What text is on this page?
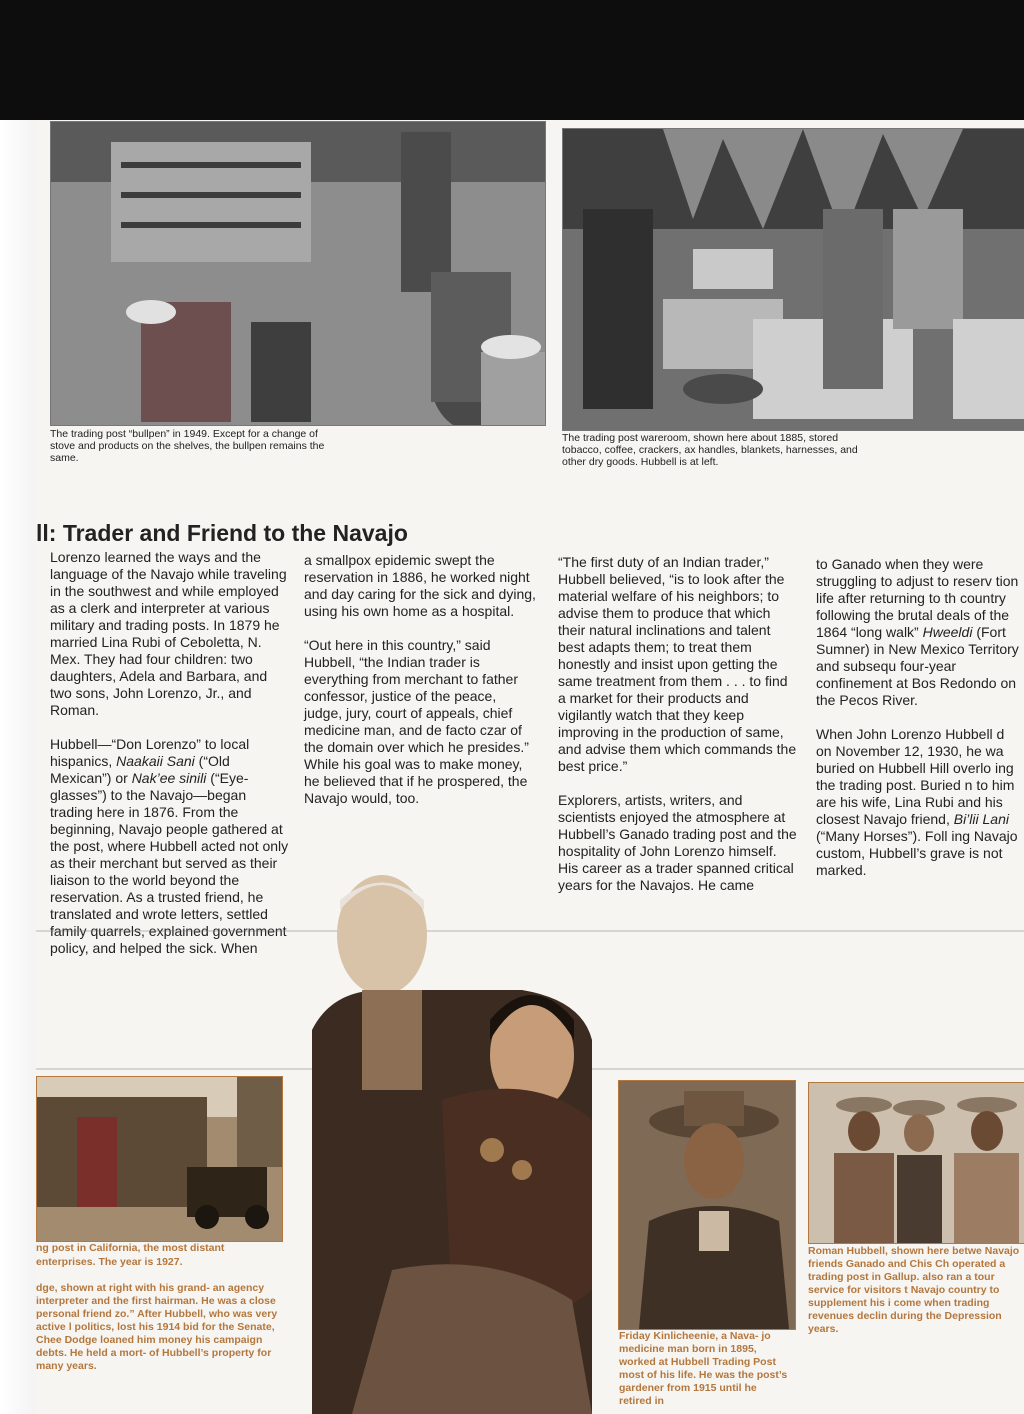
The trading post “bullpen” in 1949. Except for a change of stove and products on the shelves, the bullpen remains the same.
The trading post wareroom, shown here about 1885, stored tobacco, coffee, crackers, ax handles, blankets, harnesses, and other dry goods. Hubbell is at left.
ll: Trader and Friend to the Navajo

Lorenzo learned the ways and the language of the Navajo while traveling in the southwest and while employed as a clerk and interpreter at various military and trading posts. In 1879 he married Lina Rubi of Ceboletta, N. Mex. They had four children: two daughters, Adela and Barbara, and two sons, John Lorenzo, Jr., and Roman.

Hubbell—“Don Lorenzo” to local hispanics, Naakaii Sani (“Old Mexican”) or Nak’ee sinili (“Eye-glasses”) to the Navajo—began trading here in 1876. From the beginning, Navajo people gathered at the post, where Hubbell acted not only as their merchant but served as their liaison to the world beyond the reservation. As a trusted friend, he translated and wrote letters, settled family quarrels, explained government policy, and helped the sick. When

a smallpox epidemic swept the reservation in 1886, he worked night and day caring for the sick and dying, using his own home as a hospital.

“Out here in this country,” said Hubbell, “the Indian trader is everything from merchant to father confessor, justice of the peace, judge, jury, court of appeals, chief medicine man, and de facto czar of the domain over which he presides.” While his goal was to make money, he believed that if he prospered, the Navajo would, too.

“The first duty of an Indian trader,” Hubbell believed, “is to look after the material welfare of his neighbors; to advise them to produce that which their natural inclinations and talent best adapts them; to treat them honestly and insist upon getting the same treatment from them . . . to find a market for their products and vigilantly watch that they keep improving in the production of same, and advise them which commands the best price.”

Explorers, artists, writers, and scientists enjoyed the atmosphere at Hubbell’s Ganado trading post and the hospitality of John Lorenzo himself. His career as a trader spanned critical years for the Navajos. He came

to Ganado when they were struggling to adjust to reserv tion life after returning to th country following the brutal deals of the 1864 “long walk” Hweeldi (Fort Sumner) in New Mexico Territory and subsequ four-year confinement at Bos Redondo on the Pecos River.

When John Lorenzo Hubbell d on November 12, 1930, he wa buried on Hubbell Hill overlo ing the trading post. Buried n to him are his wife, Lina Rubi and his closest Navajo friend, Bi’lii Lani (“Many Horses”). Foll ing Navajo custom, Hubbell’s grave is not marked.

ng post in California, the most distant
enterprises. The year is 1927.
dge, shown at right with his grand- an agency interpreter and the first hairman. He was a close personal friend zo.” After Hubbell, who was very active l politics, lost his 1914 bid for the Senate, Chee Dodge loaned him money his campaign debts. He held a mort- of Hubbell’s property for many years.
Friday Kinlicheenie, a Nava- jo medicine man born in 1895, worked at Hubbell Trading Post most of his life. He was the post’s gardener from 1915 until he retired in
Roman Hubbell, shown here betwe Navajo friends Ganado and Chis Ch operated a trading post in Gallup. also ran a tour service for visitors t Navajo country to supplement his i come when trading revenues declin during the Depression years.
